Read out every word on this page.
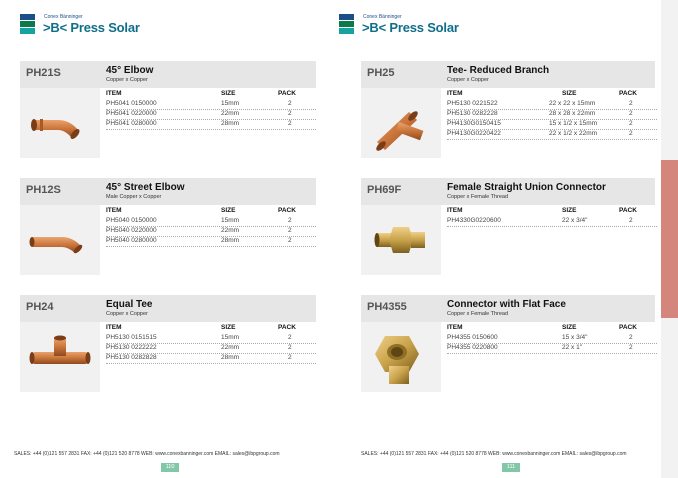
Conex Bänninger
>B< Press Solar
PH21S	45° Elbow
Copper x Copper
ITEM	SIZE	PACK
PH5041 0150000	15mm	2
PH5041 0220000	22mm	2
PH5041 0280000	28mm	2
PH12S	45° Street Elbow
Male Copper x Copper
ITEM	SIZE	PACK
PH5040 0150000	15mm	2
PH5040 0220000	22mm	2
PH5040 0280000	28mm	2
PH24	Equal Tee
Copper x Copper
ITEM	SIZE	PACK
PH5130 0151515	15mm	2
PH5130 0222222	22mm	2
PH5130 0282828	28mm	2
SALES: +44 (0)121 557 2831 FAX: +44 (0)121 520 8778 WEB: www.conexbanninger.com EMAIL: sales@ibpgroup.com
110
Conex Bänninger
>B< Press Solar
PH25	Tee- Reduced Branch
Copper x Copper
ITEM	SIZE	PACK
PH5130 0221522	22 x 22 x 15mm	2
PH5130 0282228	28 x 28 x 22mm	2
PH4130G0150415	15 x 1/2 x 15mm	2
PH4130G0220422	22 x 1/2 x 22mm	2
PH69F	Female Straight Union Connector
Copper x Female Thread
ITEM	SIZE	PACK
PH4330G0220600	22 x 3/4"	2
PH4355	Connector with Flat Face
Copper x Female Thread
ITEM	SIZE	PACK
PH4355 0150600	15 x 3/4"	2
PH4355 0220800	22 x 1"	2
SALES: +44 (0)121 557 2831 FAX: +44 (0)121 520 8778 WEB: www.conexbanninger.com EMAIL: sales@ibpgroup.com
111
